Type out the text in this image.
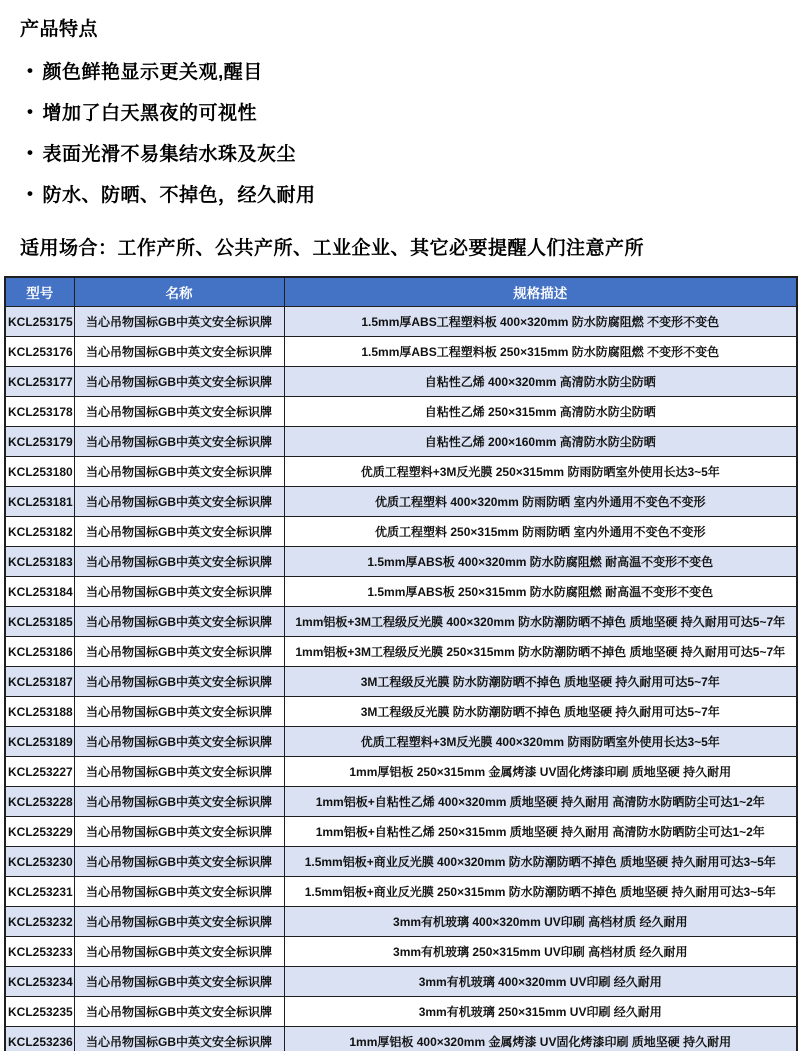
产品特点
• 颜色鲜艳显示更关观,醒目
• 增加了白天黑夜的可视性
• 表面光滑不易集结水珠及灰尘
• 防水、防晒、不掉色，经久耐用
适用场合：工作产所、公共产所、工业企业、其它必要提醒人们注意产所
型号	名称	规格描述
KCL253175	当心吊物国标GB中英文安全标识牌	1.5mm厚ABS工程塑料板 400×320mm 防水防腐阻燃 不变形不变色
KCL253176	当心吊物国标GB中英文安全标识牌	1.5mm厚ABS工程塑料板 250×315mm 防水防腐阻燃 不变形不变色
KCL253177	当心吊物国标GB中英文安全标识牌	自粘性乙烯 400×320mm 高清防水防尘防晒
KCL253178	当心吊物国标GB中英文安全标识牌	自粘性乙烯 250×315mm 高清防水防尘防晒
KCL253179	当心吊物国标GB中英文安全标识牌	自粘性乙烯 200×160mm 高清防水防尘防晒
KCL253180	当心吊物国标GB中英文安全标识牌	优质工程塑料+3M反光膜 250×315mm 防雨防晒室外使用长达3~5年
KCL253181	当心吊物国标GB中英文安全标识牌	优质工程塑料 400×320mm 防雨防晒 室内外通用不变色不变形
KCL253182	当心吊物国标GB中英文安全标识牌	优质工程塑料 250×315mm 防雨防晒 室内外通用不变色不变形
KCL253183	当心吊物国标GB中英文安全标识牌	1.5mm厚ABS板 400×320mm 防水防腐阻燃 耐高温不变形不变色
KCL253184	当心吊物国标GB中英文安全标识牌	1.5mm厚ABS板 250×315mm 防水防腐阻燃 耐高温不变形不变色
KCL253185	当心吊物国标GB中英文安全标识牌	1mm铝板+3M工程级反光膜 400×320mm 防水防潮防晒不掉色 质地坚硬 持久耐用可达5~7年
KCL253186	当心吊物国标GB中英文安全标识牌	1mm铝板+3M工程级反光膜 250×315mm 防水防潮防晒不掉色 质地坚硬 持久耐用可达5~7年
KCL253187	当心吊物国标GB中英文安全标识牌	3M工程级反光膜 防水防潮防晒不掉色 质地坚硬 持久耐用可达5~7年
KCL253188	当心吊物国标GB中英文安全标识牌	3M工程级反光膜 防水防潮防晒不掉色 质地坚硬 持久耐用可达5~7年
KCL253189	当心吊物国标GB中英文安全标识牌	优质工程塑料+3M反光膜 400×320mm 防雨防晒室外使用长达3~5年
KCL253227	当心吊物国标GB中英文安全标识牌	1mm厚铝板 250×315mm 金属烤漆 UV固化烤漆印刷 质地坚硬 持久耐用
KCL253228	当心吊物国标GB中英文安全标识牌	1mm铝板+自粘性乙烯 400×320mm 质地坚硬 持久耐用 高清防水防晒防尘可达1~2年
KCL253229	当心吊物国标GB中英文安全标识牌	1mm铝板+自粘性乙烯 250×315mm 质地坚硬 持久耐用 高清防水防晒防尘可达1~2年
KCL253230	当心吊物国标GB中英文安全标识牌	1.5mm铝板+商业反光膜 400×320mm 防水防潮防晒不掉色 质地坚硬 持久耐用可达3~5年
KCL253231	当心吊物国标GB中英文安全标识牌	1.5mm铝板+商业反光膜 250×315mm 防水防潮防晒不掉色 质地坚硬 持久耐用可达3~5年
KCL253232	当心吊物国标GB中英文安全标识牌	3mm有机玻璃 400×320mm UV印刷 高档材质 经久耐用
KCL253233	当心吊物国标GB中英文安全标识牌	3mm有机玻璃 250×315mm UV印刷 高档材质 经久耐用
KCL253234	当心吊物国标GB中英文安全标识牌	3mm有机玻璃 400×320mm UV印刷 经久耐用
KCL253235	当心吊物国标GB中英文安全标识牌	3mm有机玻璃 250×315mm UV印刷 经久耐用
KCL253236	当心吊物国标GB中英文安全标识牌	1mm厚铝板 400×320mm 金属烤漆 UV固化烤漆印刷 质地坚硬 持久耐用
